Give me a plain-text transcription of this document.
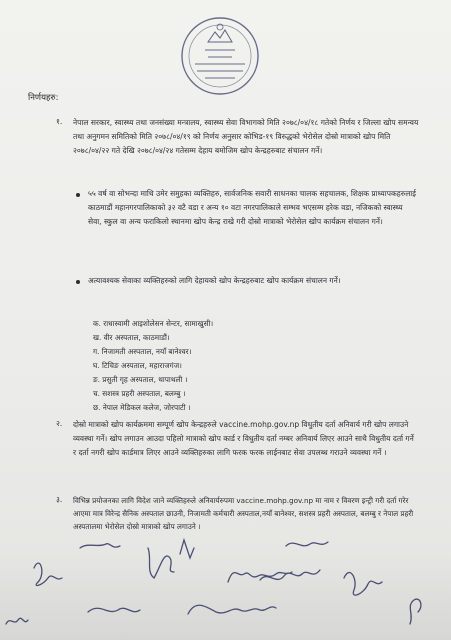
निर्णयहरु:
१. नेपाल सरकार, स्वास्थ्य तथा जनसंख्या मन्त्रालय, स्वास्थ्य सेवा विभागको मिति २०७८/०४/१८ गतेको निर्णय र जिल्ला खोप समन्वय तथा अनुगमन समितिको मिति २०७८/०४/१९ को निर्णय अनुसार कोभिड-१९ विरुद्धको भेरोसेल दोस्रो मात्राको खोप मिति २०७८/०४/२२ गते देखि २०७८/०४/२४ गतेसम्म देहाय बमोजिम खोप केन्द्रहरुबाट संचालन गर्ने।
५५ वर्ष वा सोभन्दा माथि उमेर समुहका व्यक्तिहरु, सार्वजनिक सवारी साधनका चालक सहचालक, शिक्षक प्राध्यापकहरुलाई काठमाडौं महानगरपालिकाको ३२ वटै वडा र अन्य १० वटा नगरपालिकाले सम्भव भएसम्म हरेक वडा, नजिकको स्वास्थ्य सेवा, स्कुल वा अन्य फराकिलो स्थानमा खोप केन्द्र राखे गरी दोस्रो मात्राको भेरोसेल खोप कार्यक्रम संचालन गर्ने।
अत्यावश्यक सेवाका व्यक्तिहरुको लागि देहायको खोप केन्द्रहरुबाट खोप कार्यक्रम संचालन गर्ने।
क. राधास्वामी आइशोलेसन सेन्टर, सामाखुसी।
ख. वीर अस्पताल, काठमाडौं।
ग. निजामती अस्पताल, नयाँ बानेश्वर।
घ. टिचिङ अस्पताल, महाराजगंज।
ङ. प्रसुती गृह अस्पताल, थापाथली ।
च. सशस्त्र प्रहरी अस्पताल, बलम्बु ।
छ. नेपाल मेडिकल कलेज, जोरपाटी ।
२. दोस्रो मात्राको खोप कार्यक्रममा सम्पूर्ण खोप केन्द्रहरुले vaccine.mohp.gov.np विधुतीय दर्ता अनिवार्य गरी खोप लगाउने व्यवस्था गर्ने। खोप लगाउन आउदा पहिलो मात्राको खोप कार्ड र विधुतीय दर्ता नम्बर अनिवार्य लिएर आउने साथै विधुतीय दर्ता गर्ने र दर्ता नगरी खोप कार्डमात्र लिएर आउने व्यक्तिहरुका लागि फरक फरक लाईनबाट सेवा उपलब्ध गराउने व्यवस्था गर्ने ।
३. विभिन्न प्रयोजनका लागि विदेश जाने व्यक्तिहरुले अनिवार्यरुपमा vaccine.mohp.gov.np मा नाम र विवरण इन्ट्री गरी दर्ता गरेर आएमा मात्र विरेन्द्र सैनिक अस्पताल छाउनी, निजामती कर्मचारी अस्पताल,नयाँ बानेश्वर, सशस्त्र प्रहरी अस्पताल, बलम्बु र नेपाल प्रहरी अस्पतालमा भेरोसेल दोस्रो मात्राको खोप लगाउने ।
